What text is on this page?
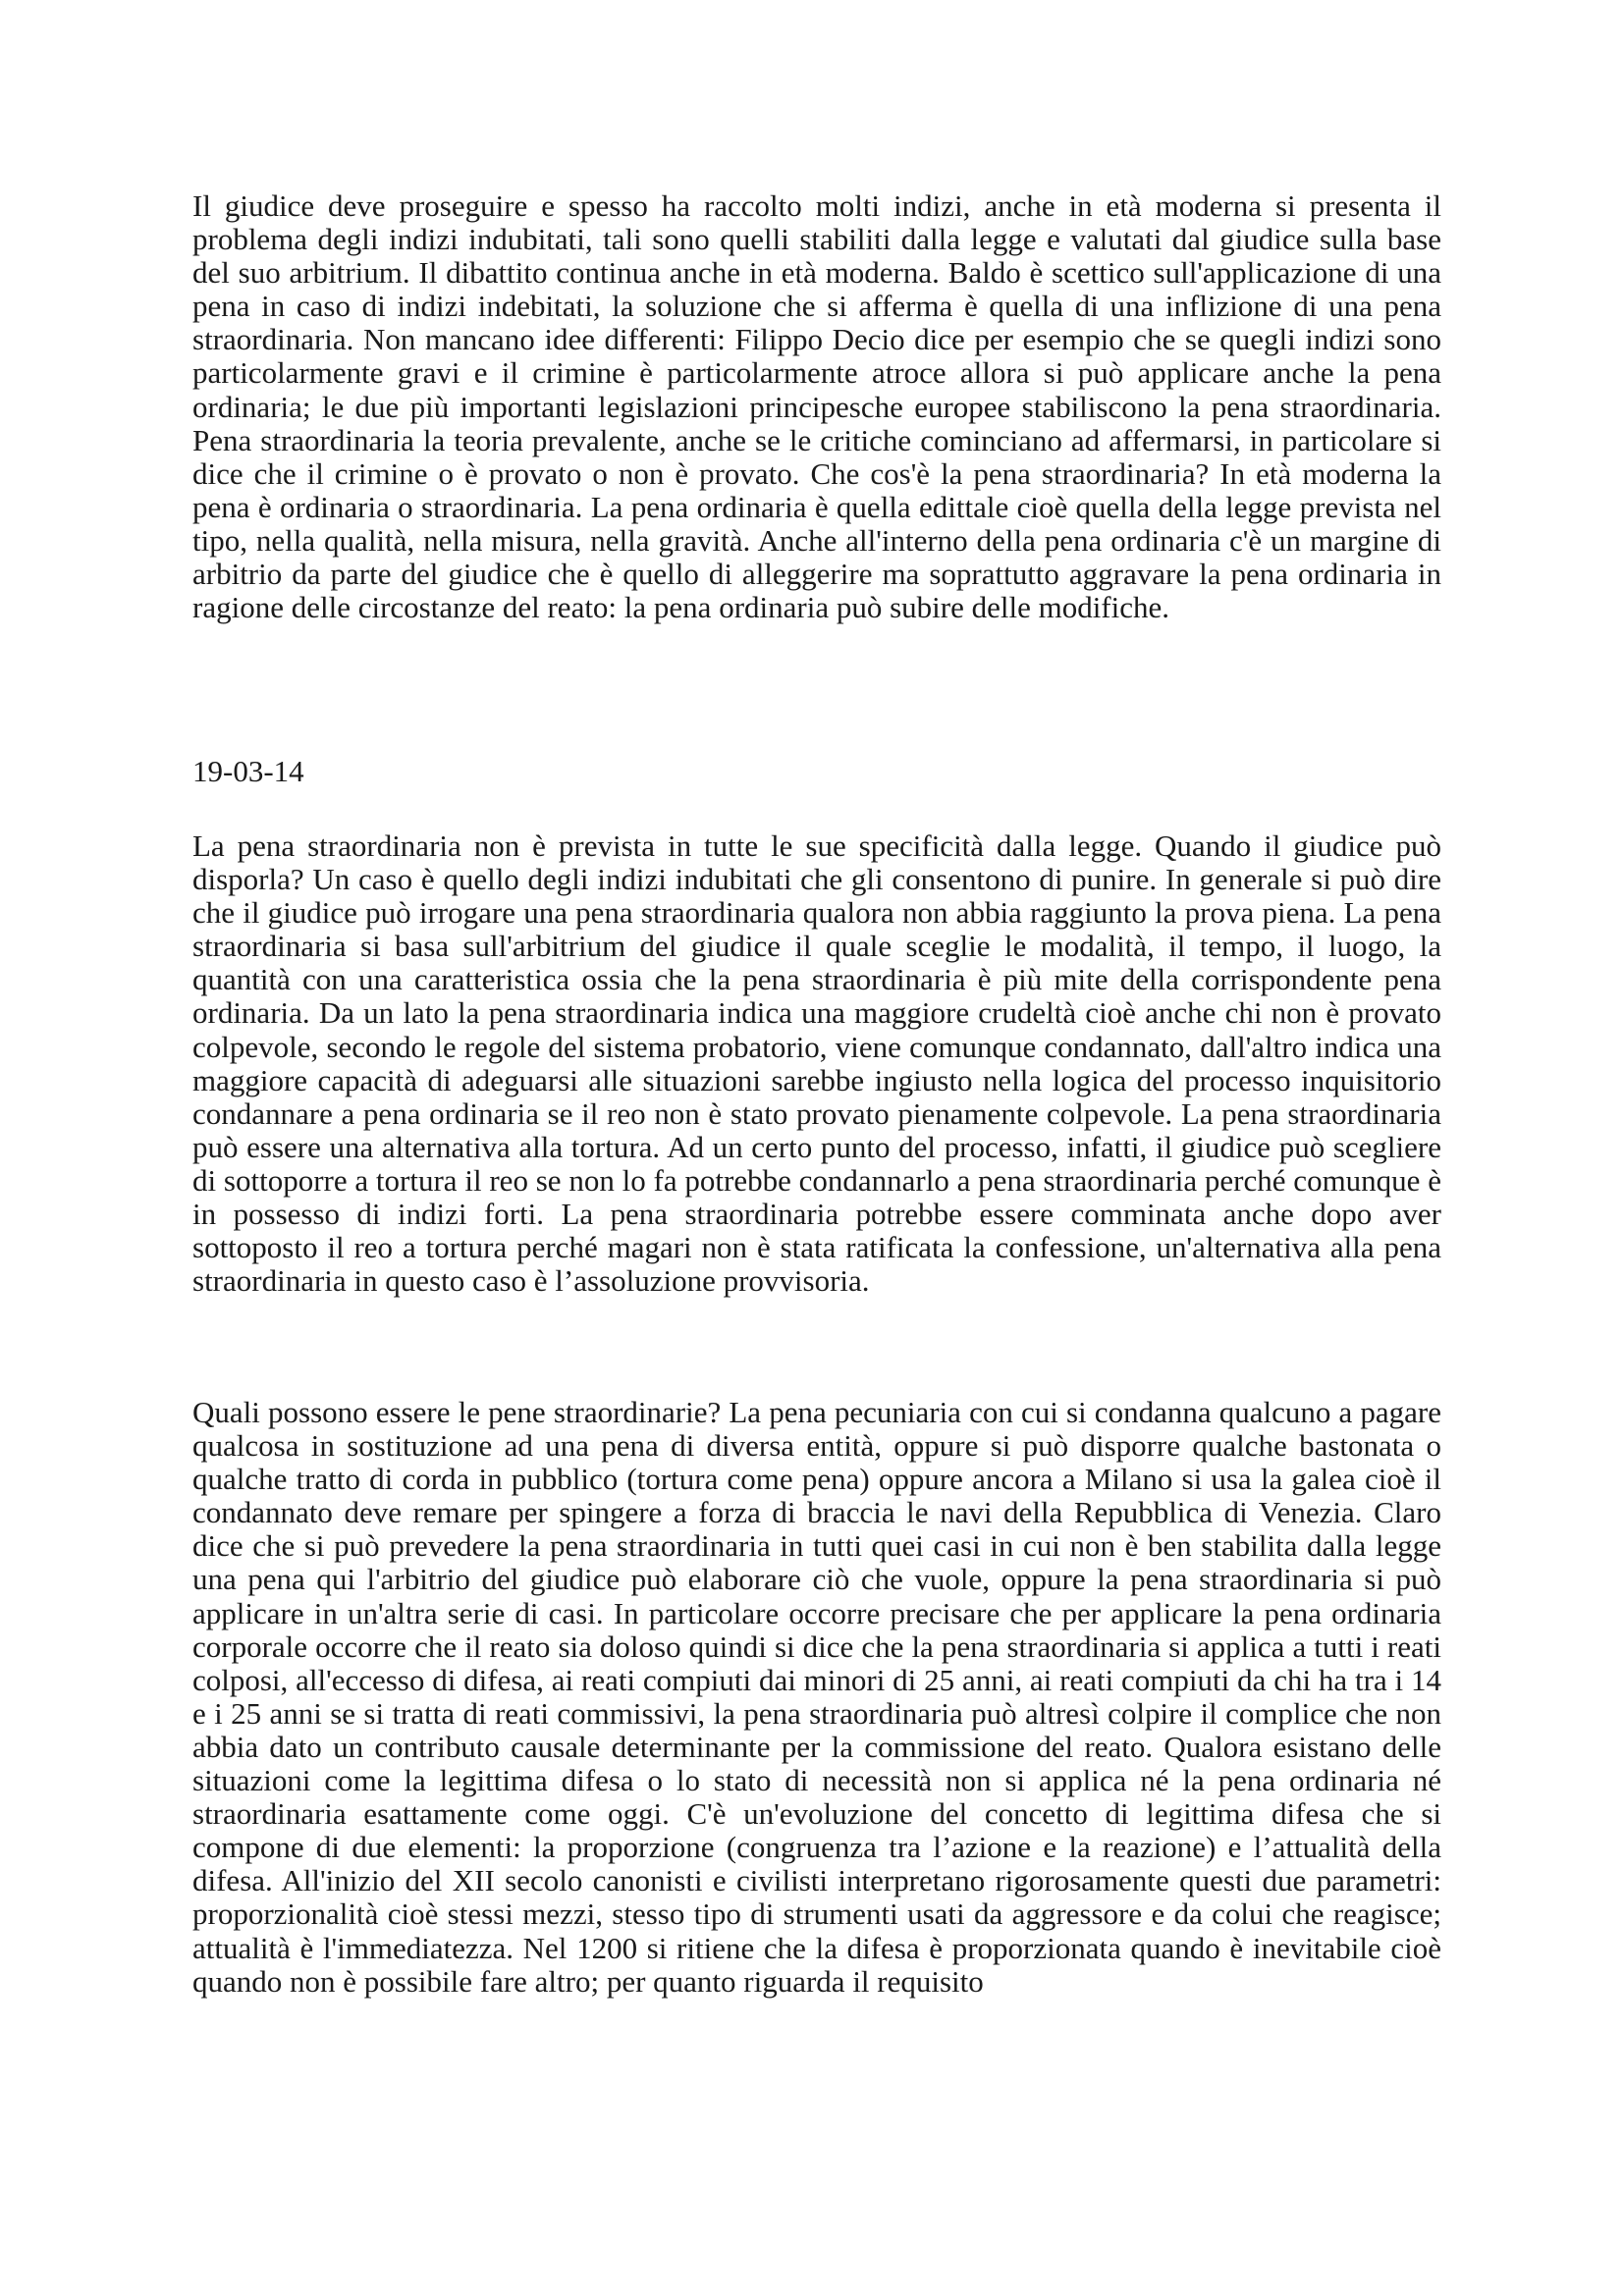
Il giudice deve proseguire e spesso ha raccolto molti indizi, anche in età moderna si presenta il problema degli indizi indubitati, tali sono quelli stabiliti dalla legge e valutati dal giudice sulla base del suo arbitrium. Il dibattito continua anche in età moderna. Baldo è scettico sull'applicazione di una pena in caso di indizi indebitati, la soluzione che si afferma è quella di una inflizione di una pena straordinaria. Non mancano idee differenti: Filippo Decio dice per esempio che se quegli indizi sono particolarmente gravi e il crimine è particolarmente atroce allora si può applicare anche la pena ordinaria; le due più importanti legislazioni principesche europee stabiliscono la pena straordinaria. Pena straordinaria la teoria prevalente, anche se le critiche cominciano ad affermarsi, in particolare si dice che il crimine o è provato o non è provato. Che cos'è la pena straordinaria? In età moderna la pena è ordinaria o straordinaria. La pena ordinaria è quella edittale cioè quella della legge prevista nel tipo, nella qualità, nella misura, nella gravità. Anche all'interno della pena ordinaria c'è un margine di arbitrio da parte del giudice che è quello di alleggerire ma soprattutto aggravare la pena ordinaria in ragione delle circostanze del reato: la pena ordinaria può subire delle modifiche.

19-03-14

La pena straordinaria non è prevista in tutte le sue specificità dalla legge. Quando il giudice può disporla? Un caso è quello degli indizi indubitati che gli consentono di punire. In generale si può dire che il giudice può irrogare una pena straordinaria qualora non abbia raggiunto la prova piena. La pena straordinaria si basa sull'arbitrium del giudice il quale sceglie le modalità, il tempo, il luogo, la quantità con una caratteristica ossia che la pena straordinaria è più mite della corrispondente pena ordinaria. Da un lato la pena straordinaria indica una maggiore crudeltà cioè anche chi non è provato colpevole, secondo le regole del sistema probatorio, viene comunque condannato, dall'altro indica una maggiore capacità di adeguarsi alle situazioni sarebbe ingiusto nella logica del processo inquisitorio condannare a pena ordinaria se il reo non è stato provato pienamente colpevole. La pena straordinaria può essere una alternativa alla tortura. Ad un certo punto del processo, infatti, il giudice può scegliere di sottoporre a tortura il reo se non lo fa potrebbe condannarlo a pena straordinaria perché comunque è in possesso di indizi forti. La pena straordinaria potrebbe essere comminata anche dopo aver sottoposto il reo a tortura perché magari non è stata ratificata la confessione, un'alternativa alla pena straordinaria in questo caso è l’assoluzione provvisoria.

Quali possono essere le pene straordinarie? La pena pecuniaria con cui si condanna qualcuno a pagare qualcosa in sostituzione ad una pena di diversa entità, oppure si può disporre qualche bastonata o qualche tratto di corda in pubblico (tortura come pena) oppure ancora a Milano si usa la galea cioè il condannato deve remare per spingere a forza di braccia le navi della Repubblica di Venezia. Claro dice che si può prevedere la pena straordinaria in tutti quei casi in cui non è ben stabilita dalla legge una pena qui l'arbitrio del giudice può elaborare ciò che vuole, oppure la pena straordinaria si può applicare in un'altra serie di casi. In particolare occorre precisare che per applicare la pena ordinaria corporale occorre che il reato sia doloso quindi si dice che la pena straordinaria si applica a tutti i reati colposi, all'eccesso di difesa, ai reati compiuti dai minori di 25 anni, ai reati compiuti da chi ha tra i 14 e i 25 anni se si tratta di reati commissivi, la pena straordinaria può altresì colpire il complice che non abbia dato un contributo causale determinante per la commissione del reato. Qualora esistano delle situazioni come la legittima difesa o lo stato di necessità non si applica né la pena ordinaria né straordinaria esattamente come oggi. C'è un'evoluzione del concetto di legittima difesa che si compone di due elementi: la proporzione (congruenza tra l’azione e la reazione) e l’attualità della difesa. All'inizio del XII secolo canonisti e civilisti interpretano rigorosamente questi due parametri: proporzionalità cioè stessi mezzi, stesso tipo di strumenti usati da aggressore e da colui che reagisce; attualità è l'immediatezza. Nel 1200 si ritiene che la difesa è proporzionata quando è inevitabile cioè quando non è possibile fare altro; per quanto riguarda il requisito
